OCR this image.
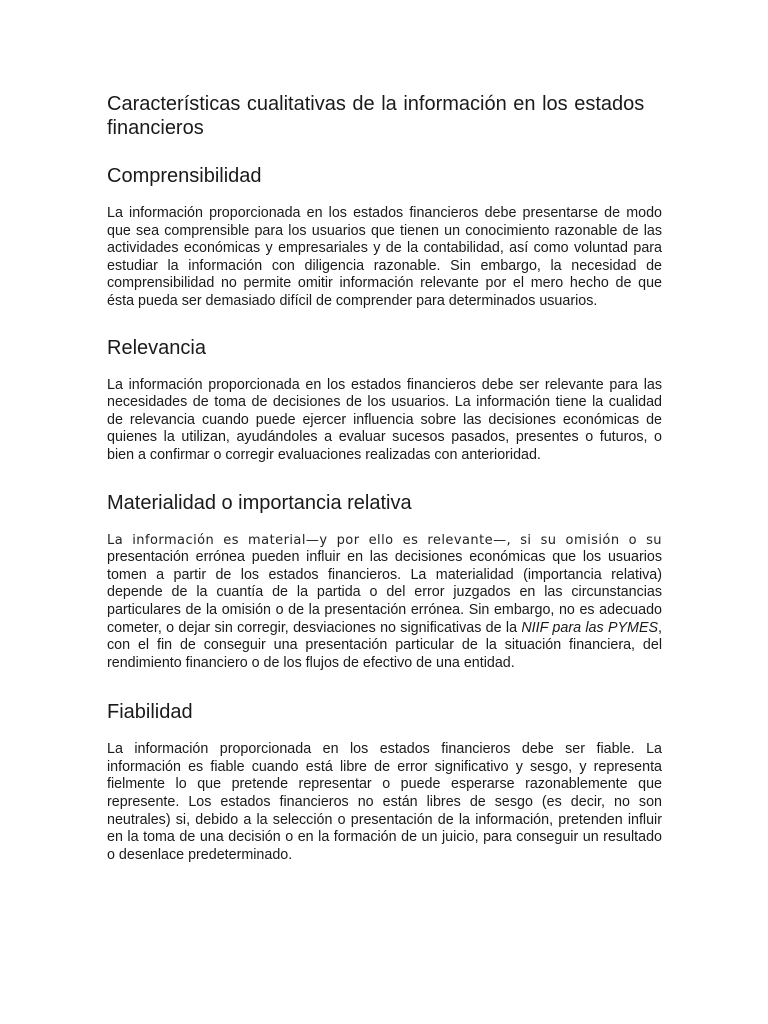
Características cualitativas de la información en los estados financieros
Comprensibilidad

La información proporcionada en los estados financieros debe presentarse de modo que sea comprensible para los usuarios que tienen un conocimiento razonable de las actividades económicas y empresariales y de la contabilidad, así como voluntad para estudiar la información con diligencia razonable. Sin embargo, la necesidad de comprensibilidad no permite omitir información relevante por el mero hecho de que ésta pueda ser demasiado difícil de comprender para determinados usuarios.

Relevancia

La información proporcionada en los estados financieros debe ser relevante para las necesidades de toma de decisiones de los usuarios. La información tiene la cualidad de relevancia cuando puede ejercer influencia sobre las decisiones económicas de quienes la utilizan, ayudándoles a evaluar sucesos pasados, presentes o futuros, o bien a confirmar o corregir evaluaciones realizadas con anterioridad.

Materialidad o importancia relativa

La información es material—y por ello es relevante—, si su omisión o su presentación errónea pueden influir en las decisiones económicas que los usuarios tomen a partir de los estados financieros. La materialidad (importancia relativa) depende de la cuantía de la partida o del error juzgados en las circunstancias particulares de la omisión o de la presentación errónea. Sin embargo, no es adecuado cometer, o dejar sin corregir, desviaciones no significativas de la NIIF para las PYMES, con el fin de conseguir una presentación particular de la situación financiera, del rendimiento financiero o de los flujos de efectivo de una entidad.

Fiabilidad

La información proporcionada en los estados financieros debe ser fiable. La información es fiable cuando está libre de error significativo y sesgo, y representa fielmente lo que pretende representar o puede esperarse razonablemente que represente. Los estados financieros no están libres de sesgo (es decir, no son neutrales) si, debido a la selección o presentación de la información, pretenden influir en la toma de una decisión o en la formación de un juicio, para conseguir un resultado o desenlace predeterminado.
